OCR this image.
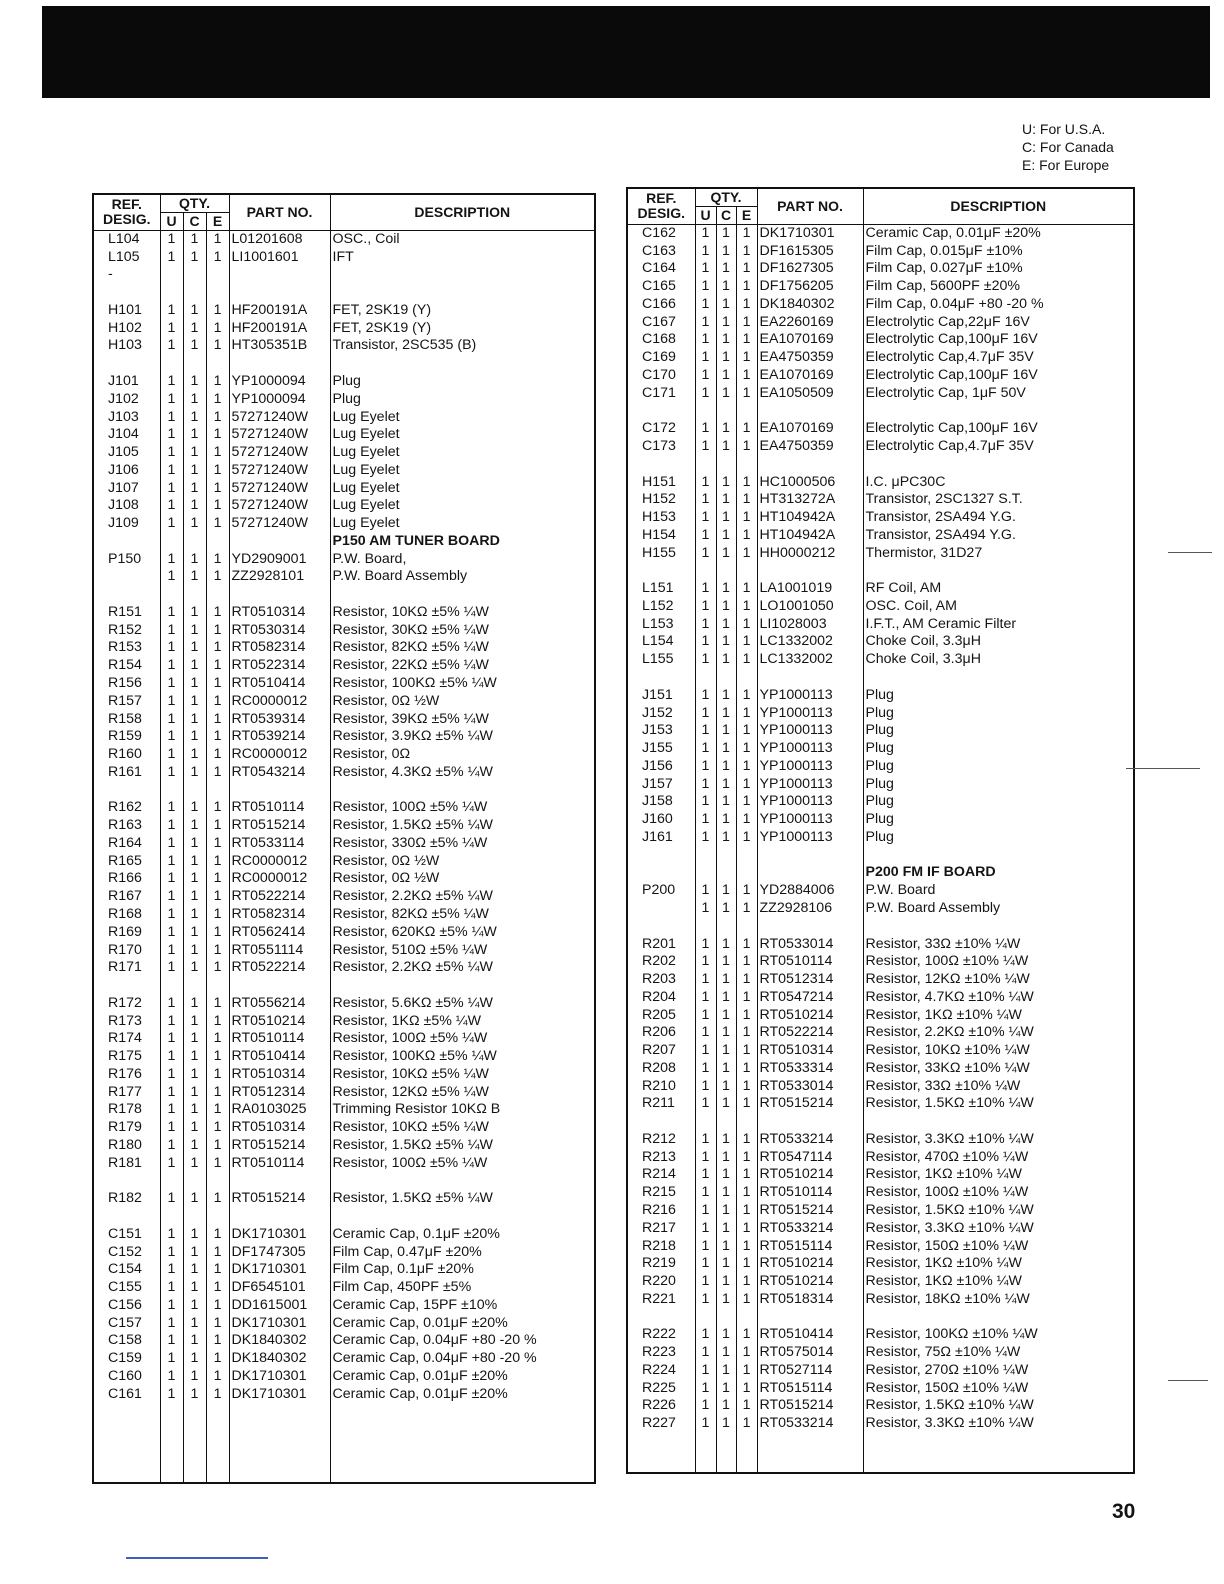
U: For U.S.A.
C: For Canada
E: For Europe
REF.
DESIG.	QTY.			PART NO.	DESCRIPTION
	U	C	E		
L104	1	1	1	L01201608	OSC., Coil
L105	1	1	1	LI1001601	IFT
-					

H101	1	1	1	HF200191A	FET, 2SK19 (Y)
H102	1	1	1	HF200191A	FET, 2SK19 (Y)
H103	1	1	1	HT305351B	Transistor, 2SC535 (B)

J101	1	1	1	YP1000094	Plug
J102	1	1	1	YP1000094	Plug
J103	1	1	1	57271240W	Lug Eyelet
J104	1	1	1	57271240W	Lug Eyelet
J105	1	1	1	57271240W	Lug Eyelet
J106	1	1	1	57271240W	Lug Eyelet
J107	1	1	1	57271240W	Lug Eyelet
J108	1	1	1	57271240W	Lug Eyelet
J109	1	1	1	57271240W	Lug Eyelet
					P150 AM TUNER BOARD
P150	1	1	1	YD2909001	P.W. Board,
	1	1	1	ZZ2928101	P.W. Board Assembly

R151	1	1	1	RT0510314	Resistor, 10KΩ ±5% ¼W
R152	1	1	1	RT0530314	Resistor, 30KΩ ±5% ¼W
R153	1	1	1	RT0582314	Resistor, 82KΩ ±5% ¼W
R154	1	1	1	RT0522314	Resistor, 22KΩ ±5% ¼W
R156	1	1	1	RT0510414	Resistor, 100KΩ ±5% ¼W
R157	1	1	1	RC0000012	Resistor, 0Ω ½W
R158	1	1	1	RT0539314	Resistor, 39KΩ ±5% ¼W
R159	1	1	1	RT0539214	Resistor, 3.9KΩ ±5% ¼W
R160	1	1	1	RC0000012	Resistor, 0Ω
R161	1	1	1	RT0543214	Resistor, 4.3KΩ ±5% ¼W

R162	1	1	1	RT0510114	Resistor, 100Ω ±5% ¼W
R163	1	1	1	RT0515214	Resistor, 1.5KΩ ±5% ¼W
R164	1	1	1	RT0533114	Resistor, 330Ω ±5% ¼W
R165	1	1	1	RC0000012	Resistor, 0Ω ½W
R166	1	1	1	RC0000012	Resistor, 0Ω ½W
R167	1	1	1	RT0522214	Resistor, 2.2KΩ ±5% ¼W
R168	1	1	1	RT0582314	Resistor, 82KΩ ±5% ¼W
R169	1	1	1	RT0562414	Resistor, 620KΩ ±5% ¼W
R170	1	1	1	RT0551114	Resistor, 510Ω ±5% ¼W
R171	1	1	1	RT0522214	Resistor, 2.2KΩ ±5% ¼W

R172	1	1	1	RT0556214	Resistor, 5.6KΩ ±5% ¼W
R173	1	1	1	RT0510214	Resistor, 1KΩ ±5% ¼W
R174	1	1	1	RT0510114	Resistor, 100Ω ±5% ¼W
R175	1	1	1	RT0510414	Resistor, 100KΩ ±5% ¼W
R176	1	1	1	RT0510314	Resistor, 10KΩ ±5% ¼W
R177	1	1	1	RT0512314	Resistor, 12KΩ ±5% ¼W
R178	1	1	1	RA0103025	Trimming Resistor 10KΩ B
R179	1	1	1	RT0510314	Resistor, 10KΩ ±5% ¼W
R180	1	1	1	RT0515214	Resistor, 1.5KΩ ±5% ¼W
R181	1	1	1	RT0510114	Resistor, 100Ω ±5% ¼W

R182	1	1	1	RT0515214	Resistor, 1.5KΩ ±5% ¼W

C151	1	1	1	DK1710301	Ceramic Cap, 0.1μF ±20%
C152	1	1	1	DF1747305	Film Cap, 0.47μF ±20%
C154	1	1	1	DK1710301	Film Cap, 0.1μF ±20%
C155	1	1	1	DF6545101	Film Cap, 450PF ±5%
C156	1	1	1	DD1615001	Ceramic Cap, 15PF ±10%
C157	1	1	1	DK1710301	Ceramic Cap, 0.01μF ±20%
C158	1	1	1	DK1840302	Ceramic Cap, 0.04μF +80 -20 %
C159	1	1	1	DK1840302	Ceramic Cap, 0.04μF +80 -20 %
C160	1	1	1	DK1710301	Ceramic Cap, 0.01μF ±20%
C161	1	1	1	DK1710301	Ceramic Cap, 0.01μF ±20%

REF.
DESIG.	QTY.			PART NO.	DESCRIPTION
	U	C	E		
C162	1	1	1	DK1710301	Ceramic Cap, 0.01μF ±20%
C163	1	1	1	DF1615305	Film Cap, 0.015μF ±10%
C164	1	1	1	DF1627305	Film Cap, 0.027μF ±10%
C165	1	1	1	DF1756205	Film Cap, 5600PF ±20%
C166	1	1	1	DK1840302	Film Cap, 0.04μF +80 -20 %
C167	1	1	1	EA2260169	Electrolytic Cap,22μF 16V
C168	1	1	1	EA1070169	Electrolytic Cap,100μF 16V
C169	1	1	1	EA4750359	Electrolytic Cap,4.7μF 35V
C170	1	1	1	EA1070169	Electrolytic Cap,100μF 16V
C171	1	1	1	EA1050509	Electrolytic Cap, 1μF 50V

C172	1	1	1	EA1070169	Electrolytic Cap,100μF 16V
C173	1	1	1	EA4750359	Electrolytic Cap,4.7μF 35V

H151	1	1	1	HC1000506	I.C. μPC30C
H152	1	1	1	HT313272A	Transistor, 2SC1327 S.T.
H153	1	1	1	HT104942A	Transistor, 2SA494 Y.G.
H154	1	1	1	HT104942A	Transistor, 2SA494 Y.G.
H155	1	1	1	HH0000212	Thermistor, 31D27

L151	1	1	1	LA1001019	RF Coil, AM
L152	1	1	1	LO1001050	OSC. Coil, AM
L153	1	1	1	LI1028003	I.F.T., AM Ceramic Filter
L154	1	1	1	LC1332002	Choke Coil, 3.3μH
L155	1	1	1	LC1332002	Choke Coil, 3.3μH

J151	1	1	1	YP1000113	Plug
J152	1	1	1	YP1000113	Plug
J153	1	1	1	YP1000113	Plug
J155	1	1	1	YP1000113	Plug
J156	1	1	1	YP1000113	Plug
J157	1	1	1	YP1000113	Plug
J158	1	1	1	YP1000113	Plug
J160	1	1	1	YP1000113	Plug
J161	1	1	1	YP1000113	Plug

					P200 FM IF BOARD
P200	1	1	1	YD2884006	P.W. Board
	1	1	1	ZZ2928106	P.W. Board Assembly

R201	1	1	1	RT0533014	Resistor, 33Ω ±10% ¼W
R202	1	1	1	RT0510114	Resistor, 100Ω ±10% ¼W
R203	1	1	1	RT0512314	Resistor, 12KΩ ±10% ¼W
R204	1	1	1	RT0547214	Resistor, 4.7KΩ ±10% ¼W
R205	1	1	1	RT0510214	Resistor, 1KΩ ±10% ¼W
R206	1	1	1	RT0522214	Resistor, 2.2KΩ ±10% ¼W
R207	1	1	1	RT0510314	Resistor, 10KΩ ±10% ¼W
R208	1	1	1	RT0533314	Resistor, 33KΩ ±10% ¼W
R210	1	1	1	RT0533014	Resistor, 33Ω ±10% ¼W
R211	1	1	1	RT0515214	Resistor, 1.5KΩ ±10% ¼W

R212	1	1	1	RT0533214	Resistor, 3.3KΩ ±10% ¼W
R213	1	1	1	RT0547114	Resistor, 470Ω ±10% ¼W
R214	1	1	1	RT0510214	Resistor, 1KΩ ±10% ¼W
R215	1	1	1	RT0510114	Resistor, 100Ω ±10% ¼W
R216	1	1	1	RT0515214	Resistor, 1.5KΩ ±10% ¼W
R217	1	1	1	RT0533214	Resistor, 3.3KΩ ±10% ¼W
R218	1	1	1	RT0515114	Resistor, 150Ω ±10% ¼W
R219	1	1	1	RT0510214	Resistor, 1KΩ ±10% ¼W
R220	1	1	1	RT0510214	Resistor, 1KΩ ±10% ¼W
R221	1	1	1	RT0518314	Resistor, 18KΩ ±10% ¼W

R222	1	1	1	RT0510414	Resistor, 100KΩ ±10% ¼W
R223	1	1	1	RT0575014	Resistor, 75Ω ±10% ¼W
R224	1	1	1	RT0527114	Resistor, 270Ω ±10% ¼W
R225	1	1	1	RT0515114	Resistor, 150Ω ±10% ¼W
R226	1	1	1	RT0515214	Resistor, 1.5KΩ ±10% ¼W
R227	1	1	1	RT0533214	Resistor, 3.3KΩ ±10% ¼W

30
